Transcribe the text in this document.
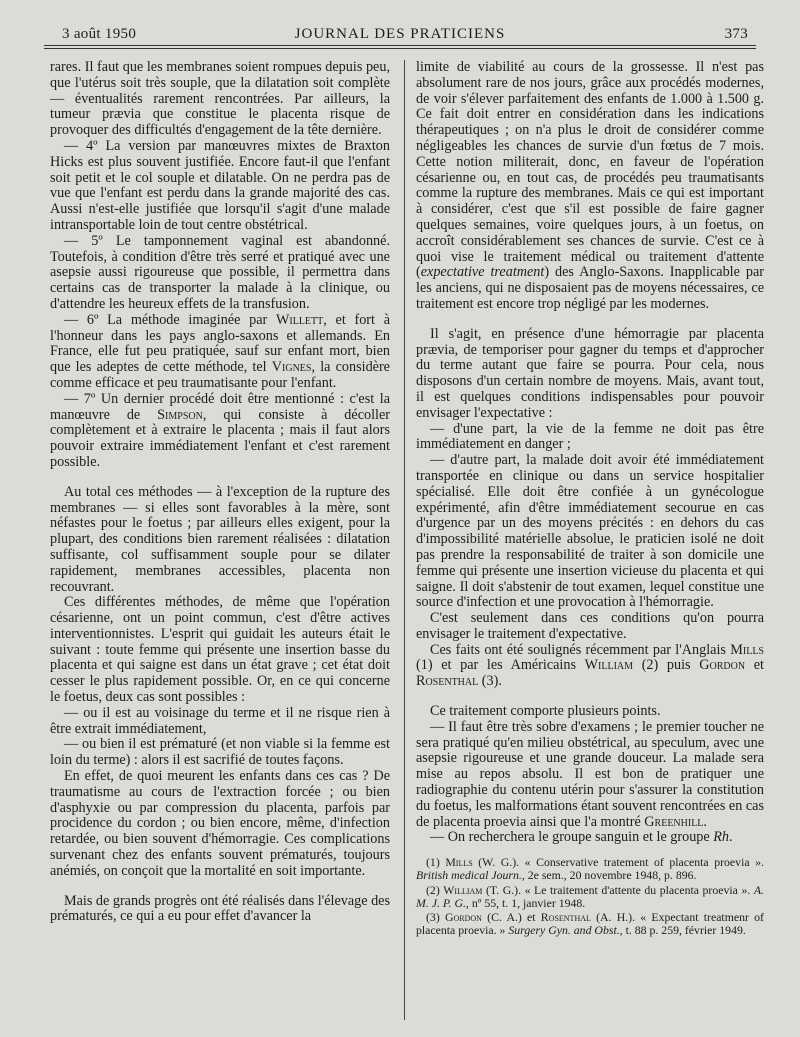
3 août 1950	JOURNAL DES PRATICIENS	373

rares. Il faut que les membranes soient rompues depuis peu, que l'utérus soit très souple, que la dilatation soit complète — éventualités rarement rencontrées. Par ailleurs, la tumeur prævia que constitue le placenta risque de provoquer des difficultés d'engagement de la tête dernière.

— 4º La version par manœuvres mixtes de Braxton Hicks est plus souvent justifiée. Encore faut-il que l'enfant soit petit et le col souple et dilatable. On ne perdra pas de vue que l'enfant est perdu dans la grande majorité des cas. Aussi n'est-elle justifiée que lorsqu'il s'agit d'une malade intransportable loin de tout centre obstétrical.

— 5º Le tamponnement vaginal est abandonné. Toutefois, à condition d'être très serré et pratiqué avec une asepsie aussi rigoureuse que possible, il permettra dans certains cas de transporter la malade à la clinique, ou d'attendre les heureux effets de la transfusion.

— 6º La méthode imaginée par Willett, et fort à l'honneur dans les pays anglo-saxons et allemands. En France, elle fut peu pratiquée, sauf sur enfant mort, bien que les adeptes de cette méthode, tel Vignes, la considère comme efficace et peu traumatisante pour l'enfant.

— 7º Un dernier procédé doit être mentionné : c'est la manœuvre de Simpson, qui consiste à décoller complètement et à extraire le placenta ; mais il faut alors pouvoir extraire immédiatement l'enfant et c'est rarement possible.

Au total ces méthodes — à l'exception de la rupture des membranes — si elles sont favorables à la mère, sont néfastes pour le foetus ; par ailleurs elles exigent, pour la plupart, des conditions bien rarement réalisées : dilatation suffisante, col suffisamment souple pour se dilater rapidement, membranes accessibles, placenta non recouvrant.

Ces différentes méthodes, de même que l'opération césarienne, ont un point commun, c'est d'être actives interventionnistes. L'esprit qui guidait les auteurs était le suivant : toute femme qui présente une insertion basse du placenta et qui saigne est dans un état grave ; cet état doit cesser le plus rapidement possible. Or, en ce qui concerne le foetus, deux cas sont possibles :

— ou il est au voisinage du terme et il ne risque rien à être extrait immédiatement,

— ou bien il est prématuré (et non viable si la femme est loin du terme) : alors il est sacrifié de toutes façons.

En effet, de quoi meurent les enfants dans ces cas ? De traumatisme au cours de l'extraction forcée ; ou bien d'asphyxie ou par compression du placenta, parfois par procidence du cordon ; ou bien encore, même, d'infection retardée, ou bien souvent d'hémorragie. Ces complications survenant chez des enfants souvent prématurés, toujours anémiés, on conçoit que la mortalité en soit importante.

Mais de grands progrès ont été réalisés dans l'élevage des prématurés, ce qui a eu pour effet d'avancer la

limite de viabilité au cours de la grossesse. Il n'est pas absolument rare de nos jours, grâce aux procédés modernes, de voir s'élever parfaitement des enfants de 1.000 à 1.500 g. Ce fait doit entrer en considération dans les indications thérapeutiques ; on n'a plus le droit de considérer comme négligeables les chances de survie d'un fœtus de 7 mois. Cette notion militerait, donc, en faveur de l'opération césarienne ou, en tout cas, de procédés peu traumatisants comme la rupture des membranes. Mais ce qui est important à considérer, c'est que s'il est possible de faire gagner quelques semaines, voire quelques jours, à un foetus, on accroît considérablement ses chances de survie. C'est ce à quoi vise le traitement médical ou traitement d'attente (expectative treatment) des Anglo-Saxons. Inapplicable par les anciens, qui ne disposaient pas de moyens nécessaires, ce traitement est encore trop négligé par les modernes.

Il s'agit, en présence d'une hémorragie par placenta prævia, de temporiser pour gagner du temps et d'approcher du terme autant que faire se pourra. Pour cela, nous disposons d'un certain nombre de moyens. Mais, avant tout, il est quelques conditions indispensables pour pouvoir envisager l'expectative :

— d'une part, la vie de la femme ne doit pas être immédiatement en danger ;

— d'autre part, la malade doit avoir été immédiatement transportée en clinique ou dans un service hospitalier spécialisé. Elle doit être confiée à un gynécologue expérimenté, afin d'être immédiatement secourue en cas d'urgence par un des moyens précités : en dehors du cas d'impossibilité matérielle absolue, le praticien isolé ne doit pas prendre la responsabilité de traiter à son domicile une femme qui présente une insertion vicieuse du placenta et qui saigne. Il doit s'abstenir de tout examen, lequel constitue une source d'infection et une provocation à l'hémorragie.

C'est seulement dans ces conditions qu'on pourra envisager le traitement d'expectative.

Ces faits ont été soulignés récemment par l'Anglais Mills (1) et par les Américains William (2) puis Gordon et Rosenthal (3).

Ce traitement comporte plusieurs points.

— Il faut être très sobre d'examens ; le premier toucher ne sera pratiqué qu'en milieu obstétrical, au speculum, avec une asepsie rigoureuse et une grande douceur. La malade sera mise au repos absolu. Il est bon de pratiquer une radiographie du contenu utérin pour s'assurer la constitution du foetus, les malformations étant souvent rencontrées en cas de placenta proevia ainsi que l'a montré Greenhill.

— On recherchera le groupe sanguin et le groupe Rh.

(1) Mills (W. G.). « Conservative tratement of placenta proevia ». British medical Journ., 2e sem., 20 novembre 1948, p. 896.

(2) William (T. G.). « Le traitement d'attente du placenta proevia ». A. M. J. P. G., nº 55, t. 1, janvier 1948.

(3) Gordon (C. A.) et Rosenthal (A. H.). « Expectant treatmenr of placenta proevia. » Surgery Gyn. and Obst., t. 88 p. 259, février 1949.
